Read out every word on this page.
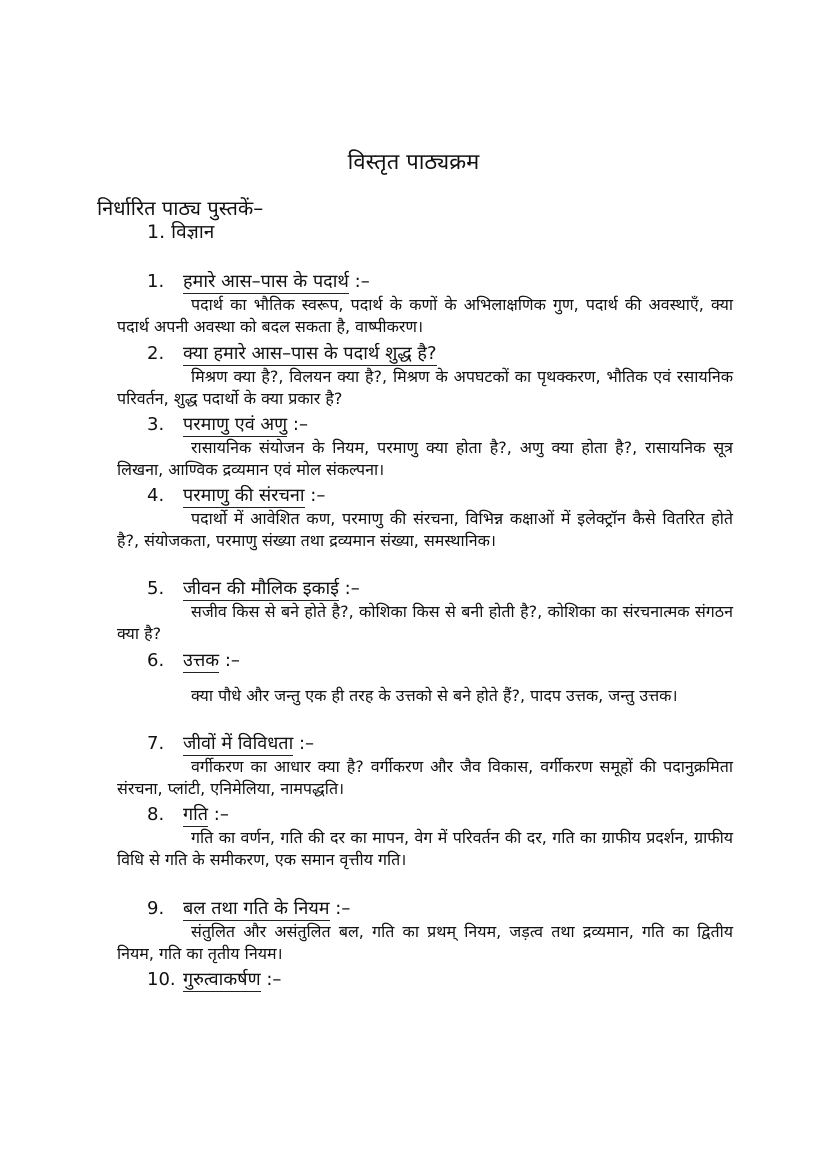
विस्तृत पाठ्यक्रम

निर्धारित पाठ्य पुस्तकें–

1. विज्ञान

1. हमारे आस–पास के पदार्थ :–

पदार्थ का भौतिक स्वरूप, पदार्थ के कणों के अभिलाक्षणिक गुण, पदार्थ की अवस्थाएँ, क्या पदार्थ अपनी अवस्था को बदल सकता है, वाष्पीकरण।

2. क्या हमारे आस–पास के पदार्थ शुद्ध है?

मिश्रण क्या है?, विलयन क्या है?, मिश्रण के अपघटकों का पृथक्करण, भौतिक एवं रसायनिक परिवर्तन, शुद्ध पदार्थो के क्या प्रकार है?

3. परमाणु एवं अणु :–

रासायनिक संयोजन के नियम, परमाणु क्या होता है?, अणु क्या होता है?, रासायनिक सूत्र लिखना, आण्विक द्रव्यमान एवं मोल संकल्पना।

4. परमाणु की संरचना :–

पदार्थो में आवेशित कण, परमाणु की संरचना, विभिन्न कक्षाओं में इलेक्ट्रॉन कैसे वितरित होते है?, संयोजकता, परमाणु संख्या तथा द्रव्यमान संख्या, समस्थानिक।

5. जीवन की मौलिक इकाई :–

सजीव किस से बने होते है?, कोशिका किस से बनी होती है?, कोशिका का संरचनात्मक संगठन क्या है?

6. उत्तक :–

क्या पौधे और जन्तु एक ही तरह के उत्तको से बने होते हैं?, पादप उत्तक, जन्तु उत्तक।

7. जीवों में विविधता :–

वर्गीकरण का आधार क्या है? वर्गीकरण और जैव विकास, वर्गीकरण समूहों की पदानुक्रमिता संरचना, प्लांटी, एनिमेलिया, नामपद्धति।

8. गति :–

गति का वर्णन, गति की दर का मापन, वेग में परिवर्तन की दर, गति का ग्राफीय प्रदर्शन, ग्राफीय विधि से गति के समीकरण, एक समान वृत्तीय गति।

9. बल तथा गति के नियम :–

संतुलित और असंतुलित बल, गति का प्रथम् नियम, जड़त्व तथा द्रव्यमान, गति का द्वितीय नियम, गति का तृतीय नियम।

10. गुरुत्वाकर्षण :–
